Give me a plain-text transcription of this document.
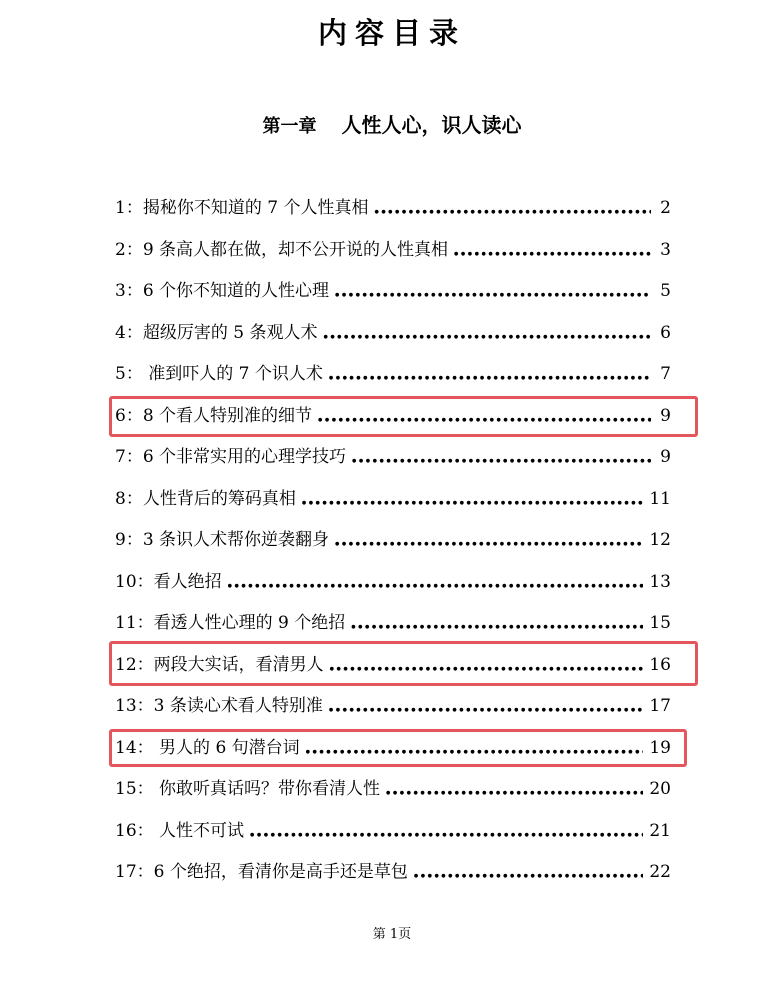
内容目录
第一章 人性人心，识人读心
1：揭秘你不知道的 7 个人性真相 ●●●●●●●●●●●●●●●●●●●●●●●●●●●●●●●●●●●●●●●●●●●●●●●●●●●●●●●●●●●●●●●●●●●●●●●●●●●●●●●	2
2：9 条高人都在做，却不公开说的人性真相 ●●●●●●●●●●●●●●●●●●●●●●●●●●●●●●●●●●●●●●●●●●●●●●●●●●●●●●●●●●●●●●●●●●●●●●●●●●●●●●●	3
3：6 个你不知道的人性心理 ●●●●●●●●●●●●●●●●●●●●●●●●●●●●●●●●●●●●●●●●●●●●●●●●●●●●●●●●●●●●●●●●●●●●●●●●●●●●●●●	5
4：超级厉害的 5 条观人术 ●●●●●●●●●●●●●●●●●●●●●●●●●●●●●●●●●●●●●●●●●●●●●●●●●●●●●●●●●●●●●●●●●●●●●●●●●●●●●●●	6
5： 准到吓人的 7 个识人术 ●●●●●●●●●●●●●●●●●●●●●●●●●●●●●●●●●●●●●●●●●●●●●●●●●●●●●●●●●●●●●●●●●●●●●●●●●●●●●●●	7
6：8 个看人特别准的细节 ●●●●●●●●●●●●●●●●●●●●●●●●●●●●●●●●●●●●●●●●●●●●●●●●●●●●●●●●●●●●●●●●●●●●●●●●●●●●●●●	9
7：6 个非常实用的心理学技巧 ●●●●●●●●●●●●●●●●●●●●●●●●●●●●●●●●●●●●●●●●●●●●●●●●●●●●●●●●●●●●●●●●●●●●●●●●●●●●●●●	9
8：人性背后的筹码真相 ●●●●●●●●●●●●●●●●●●●●●●●●●●●●●●●●●●●●●●●●●●●●●●●●●●●●●●●●●●●●●●●●●●●●●●●●●●●●●●●	11
9：3 条识人术帮你逆袭翻身 ●●●●●●●●●●●●●●●●●●●●●●●●●●●●●●●●●●●●●●●●●●●●●●●●●●●●●●●●●●●●●●●●●●●●●●●●●●●●●●●	12
10：看人绝招 ●●●●●●●●●●●●●●●●●●●●●●●●●●●●●●●●●●●●●●●●●●●●●●●●●●●●●●●●●●●●●●●●●●●●●●●●●●●●●●●	13
11：看透人性心理的 9 个绝招 ●●●●●●●●●●●●●●●●●●●●●●●●●●●●●●●●●●●●●●●●●●●●●●●●●●●●●●●●●●●●●●●●●●●●●●●●●●●●●●●	15
12：两段大实话，看清男人 ●●●●●●●●●●●●●●●●●●●●●●●●●●●●●●●●●●●●●●●●●●●●●●●●●●●●●●●●●●●●●●●●●●●●●●●●●●●●●●●	16
13：3 条读心术看人特别准 ●●●●●●●●●●●●●●●●●●●●●●●●●●●●●●●●●●●●●●●●●●●●●●●●●●●●●●●●●●●●●●●●●●●●●●●●●●●●●●●	17
14： 男人的 6 句潜台词 ●●●●●●●●●●●●●●●●●●●●●●●●●●●●●●●●●●●●●●●●●●●●●●●●●●●●●●●●●●●●●●●●●●●●●●●●●●●●●●●	19
15： 你敢听真话吗？带你看清人性 ●●●●●●●●●●●●●●●●●●●●●●●●●●●●●●●●●●●●●●●●●●●●●●●●●●●●●●●●●●●●●●●●●●●●●●●●●●●●●●●	20
16： 人性不可试 ●●●●●●●●●●●●●●●●●●●●●●●●●●●●●●●●●●●●●●●●●●●●●●●●●●●●●●●●●●●●●●●●●●●●●●●●●●●●●●●	21
17：6 个绝招，看清你是高手还是草包 ●●●●●●●●●●●●●●●●●●●●●●●●●●●●●●●●●●●●●●●●●●●●●●●●●●●●●●●●●●●●●●●●●●●●●●●●●●●●●●●	22
第 1页
